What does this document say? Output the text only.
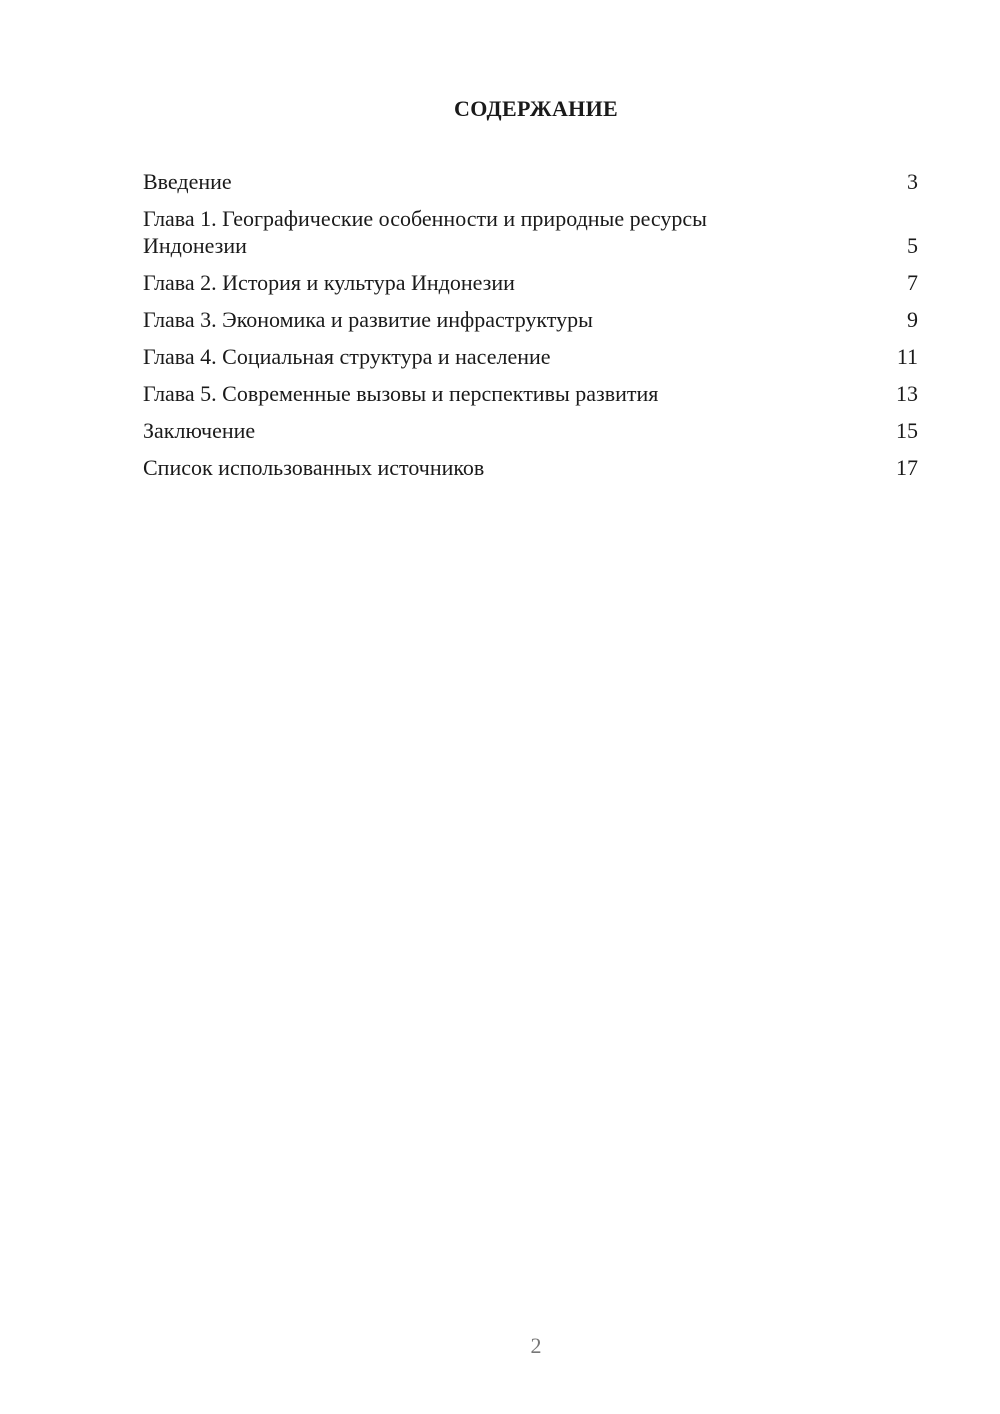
СОДЕРЖАНИЕ
Введение	3
Глава 1. Географические особенности и природные ресурсы Индонезии	5
Глава 2. История и культура Индонезии	7
Глава 3. Экономика и развитие инфраструктуры	9
Глава 4. Социальная структура и население	11
Глава 5. Современные вызовы и перспективы развития	13
Заключение	15
Список использованных источников	17
2
